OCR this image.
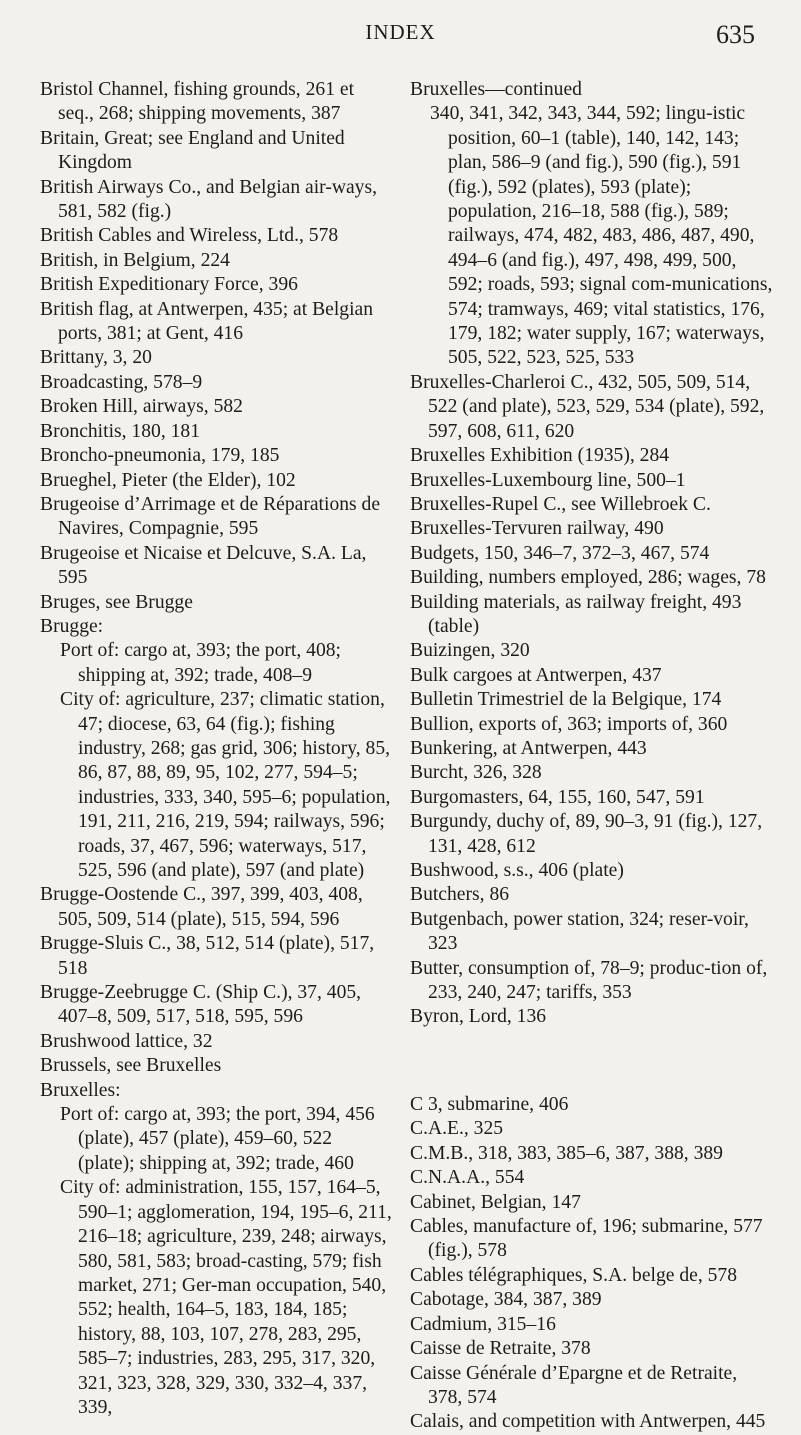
INDEX	635

Bristol Channel, fishing grounds, 261 et seq., 268; shipping movements, 387

Britain, Great; see England and United Kingdom

British Airways Co., and Belgian air-ways, 581, 582 (fig.)

British Cables and Wireless, Ltd., 578

British, in Belgium, 224

British Expeditionary Force, 396

British flag, at Antwerpen, 435; at Belgian ports, 381; at Gent, 416

Brittany, 3, 20

Broadcasting, 578–9

Broken Hill, airways, 582

Bronchitis, 180, 181

Broncho-pneumonia, 179, 185

Brueghel, Pieter (the Elder), 102

Brugeoise d’Arrimage et de Réparations de Navires, Compagnie, 595

Brugeoise et Nicaise et Delcuve, S.A. La, 595

Bruges, see Brugge

Brugge:

Port of: cargo at, 393; the port, 408; shipping at, 392; trade, 408–9

City of: agriculture, 237; climatic station, 47; diocese, 63, 64 (fig.); fishing industry, 268; gas grid, 306; history, 85, 86, 87, 88, 89, 95, 102, 277, 594–5; industries, 333, 340, 595–6; population, 191, 211, 216, 219, 594; railways, 596; roads, 37, 467, 596; waterways, 517, 525, 596 (and plate), 597 (and plate)

Brugge-Oostende C., 397, 399, 403, 408, 505, 509, 514 (plate), 515, 594, 596

Brugge-Sluis C., 38, 512, 514 (plate), 517, 518

Brugge-Zeebrugge C. (Ship C.), 37, 405, 407–8, 509, 517, 518, 595, 596

Brushwood lattice, 32

Brussels, see Bruxelles

Bruxelles:

Port of: cargo at, 393; the port, 394, 456 (plate), 457 (plate), 459–60, 522 (plate); shipping at, 392; trade, 460

City of: administration, 155, 157, 164–5, 590–1; agglomeration, 194, 195–6, 211, 216–18; agriculture, 239, 248; airways, 580, 581, 583; broad-casting, 579; fish market, 271; Ger-man occupation, 540, 552; health, 164–5, 183, 184, 185; history, 88, 103, 107, 278, 283, 295, 585–7; industries, 283, 295, 317, 320, 321, 323, 328, 329, 330, 332–4, 337, 339,

Bruxelles—continued

340, 341, 342, 343, 344, 592; lingu-istic position, 60–1 (table), 140, 142, 143; plan, 586–9 (and fig.), 590 (fig.), 591 (fig.), 592 (plates), 593 (plate); population, 216–18, 588 (fig.), 589; railways, 474, 482, 483, 486, 487, 490, 494–6 (and fig.), 497, 498, 499, 500, 592; roads, 593; signal com-munications, 574; tramways, 469; vital statistics, 176, 179, 182; water supply, 167; waterways, 505, 522, 523, 525, 533

Bruxelles-Charleroi C., 432, 505, 509, 514, 522 (and plate), 523, 529, 534 (plate), 592, 597, 608, 611, 620

Bruxelles Exhibition (1935), 284

Bruxelles-Luxembourg line, 500–1

Bruxelles-Rupel C., see Willebroek C.

Bruxelles-Tervuren railway, 490

Budgets, 150, 346–7, 372–3, 467, 574

Building, numbers employed, 286; wages, 78

Building materials, as railway freight, 493 (table)

Buizingen, 320

Bulk cargoes at Antwerpen, 437

Bulletin Trimestriel de la Belgique, 174

Bullion, exports of, 363; imports of, 360

Bunkering, at Antwerpen, 443

Burcht, 326, 328

Burgomasters, 64, 155, 160, 547, 591

Burgundy, duchy of, 89, 90–3, 91 (fig.), 127, 131, 428, 612

Bushwood, s.s., 406 (plate)

Butchers, 86

Butgenbach, power station, 324; reser-voir, 323

Butter, consumption of, 78–9; produc-tion of, 233, 240, 247; tariffs, 353

Byron, Lord, 136

C 3, submarine, 406

C.A.E., 325

C.M.B., 318, 383, 385–6, 387, 388, 389

C.N.A.A., 554

Cabinet, Belgian, 147

Cables, manufacture of, 196; submarine, 577 (fig.), 578

Cables télégraphiques, S.A. belge de, 578

Cabotage, 384, 387, 389

Cadmium, 315–16

Caisse de Retraite, 378

Caisse Générale d’Epargne et de Retraite, 378, 574

Calais, and competition with Antwerpen, 445
